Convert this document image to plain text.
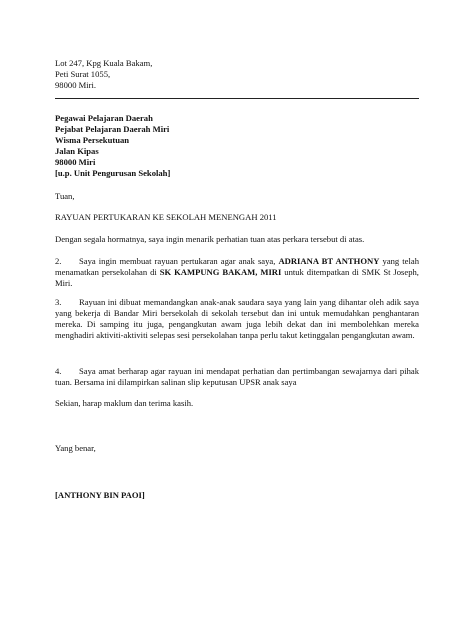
Lot 247, Kpg Kuala Bakam,
Peti Surat 1055,
98000 Miri.
Pegawai Pelajaran Daerah
Pejabat Pelajaran Daerah Miri
Wisma Persekutuan
Jalan Kipas
98000 Miri
[u.p. Unit Pengurusan Sekolah]
Tuan,
RAYUAN PERTUKARAN KE SEKOLAH MENENGAH 2011
Dengan segala hormatnya, saya ingin menarik perhatian tuan atas perkara tersebut di atas.
2. Saya ingin membuat rayuan pertukaran agar anak saya, ADRIANA BT ANTHONY yang telah menamatkan persekolahan di SK KAMPUNG BAKAM, MIRI untuk ditempatkan di SMK St Joseph, Miri.
3. Rayuan ini dibuat memandangkan anak-anak saudara saya yang lain yang dihantar oleh adik saya yang bekerja di Bandar Miri bersekolah di sekolah tersebut dan ini untuk memudahkan penghantaran mereka. Di samping itu juga, pengangkutan awam juga lebih dekat dan ini membolehkan mereka menghadiri aktiviti-aktiviti selepas sesi persekolahan tanpa perlu takut ketinggalan pengangkutan awam.
4. Saya amat berharap agar rayuan ini mendapat perhatian dan pertimbangan sewajarnya dari pihak tuan. Bersama ini dilampirkan salinan slip keputusan UPSR anak saya
Sekian, harap maklum dan terima kasih.
Yang benar,
[ANTHONY BIN PAOI]
